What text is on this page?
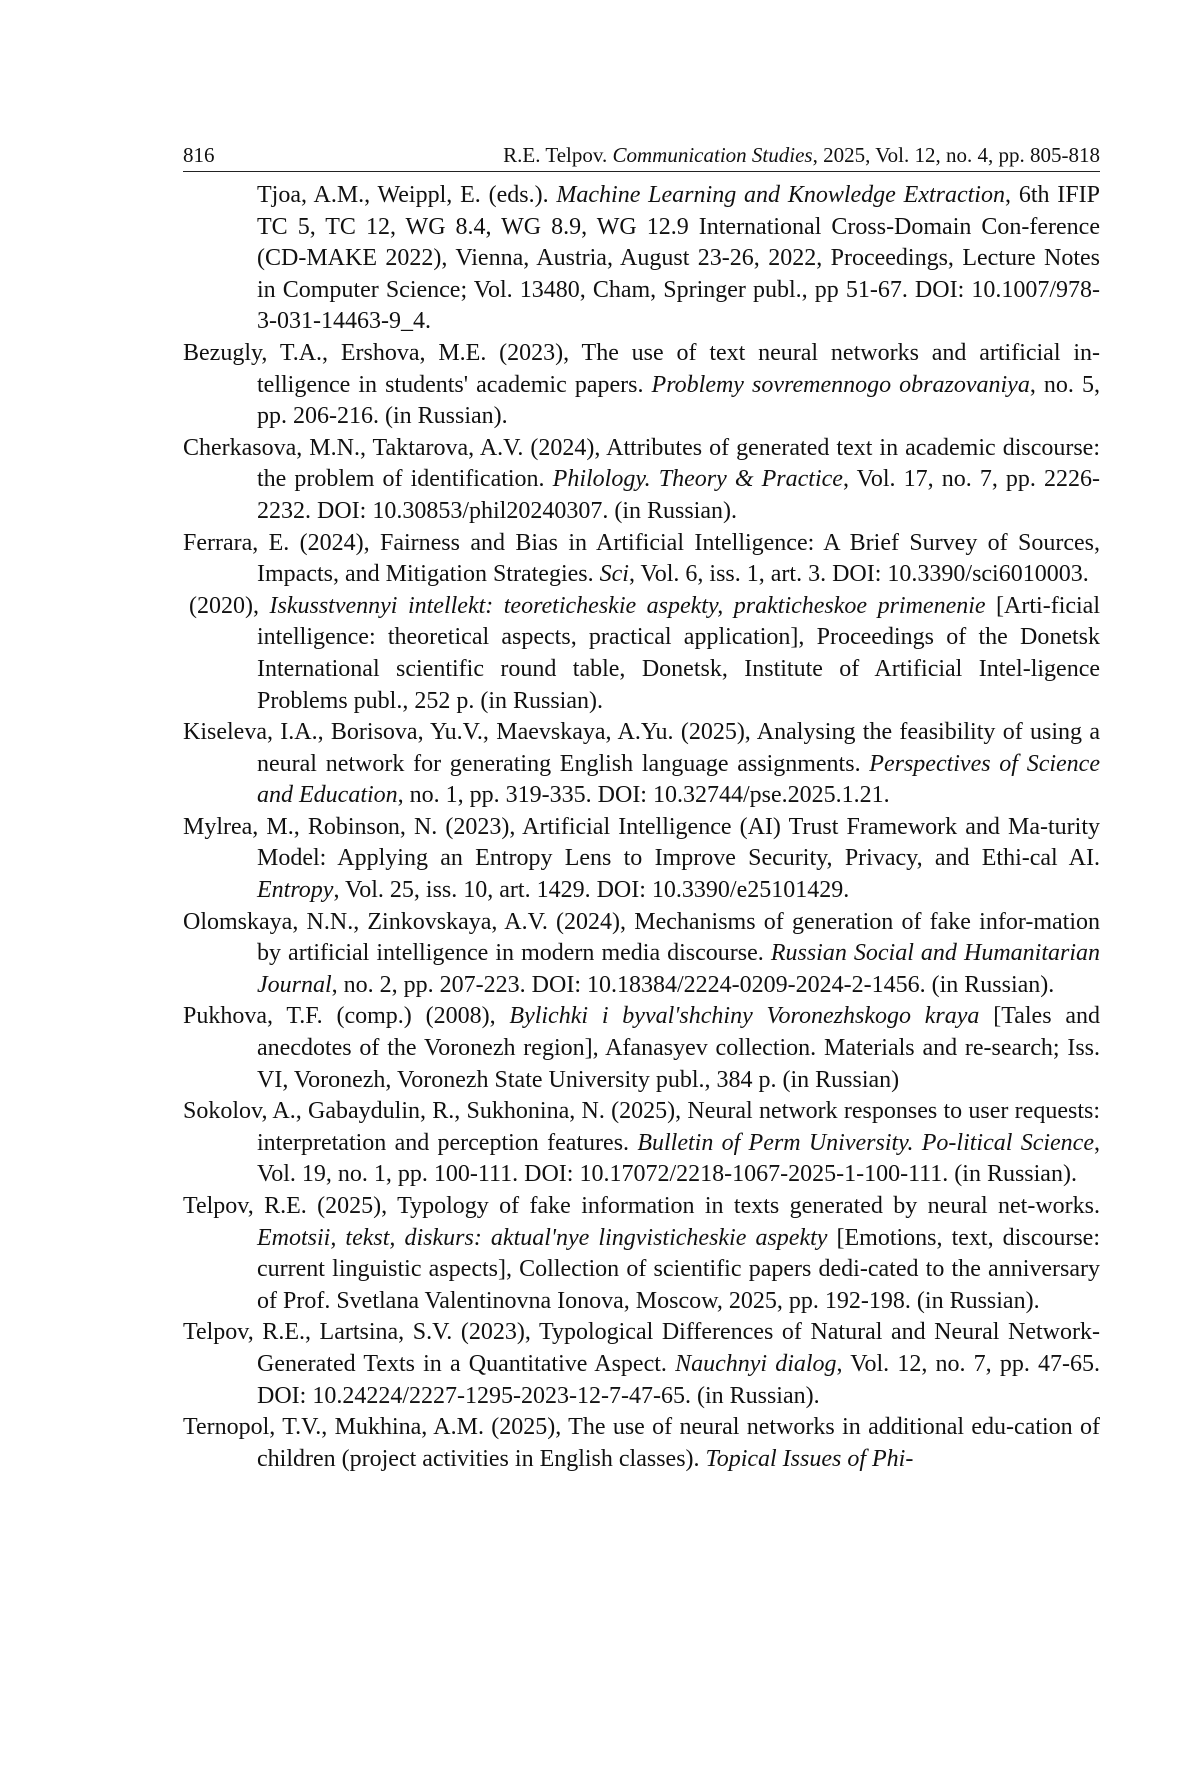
816	R.E. Telpov. Communication Studies, 2025, Vol. 12, no. 4, pp. 805-818

Tjoa, A.M., Weippl, E. (eds.). Machine Learning and Knowledge Extraction, 6th IFIP TC 5, TC 12, WG 8.4, WG 8.9, WG 12.9 International Cross-Domain Con-ference (CD-MAKE 2022), Vienna, Austria, August 23-26, 2022, Proceedings, Lecture Notes in Computer Science; Vol. 13480, Cham, Springer publ., pp 51-67. DOI: 10.1007/978-3-031-14463-9_4.

Bezugly, T.A., Ershova, M.E. (2023), The use of text neural networks and artificial in-telligence in students' academic papers. Problemy sovremennogo obrazovaniya, no. 5, pp. 206-216. (in Russian).

Cherkasova, M.N., Taktarova, A.V. (2024), Attributes of generated text in academic discourse: the problem of identification. Philology. Theory & Practice, Vol. 17, no. 7, pp. 2226-2232. DOI: 10.30853/phil20240307. (in Russian).

Ferrara, E. (2024), Fairness and Bias in Artificial Intelligence: A Brief Survey of Sources, Impacts, and Mitigation Strategies. Sci, Vol. 6, iss. 1, art. 3. DOI: 10.3390/sci6010003.

(2020), Iskusstvennyi intellekt: teoreticheskie aspekty, prakticheskoe primenenie [Arti-ficial intelligence: theoretical aspects, practical application], Proceedings of the Donetsk International scientific round table, Donetsk, Institute of Artificial Intel-ligence Problems publ., 252 p. (in Russian).

Kiseleva, I.A., Borisova, Yu.V., Maevskaya, A.Yu. (2025), Analysing the feasibility of using a neural network for generating English language assignments. Perspectives of Science and Education, no. 1, pp. 319-335. DOI: 10.32744/pse.2025.1.21.

Mylrea, M., Robinson, N. (2023), Artificial Intelligence (AI) Trust Framework and Ma-turity Model: Applying an Entropy Lens to Improve Security, Privacy, and Ethi-cal AI. Entropy, Vol. 25, iss. 10, art. 1429. DOI: 10.3390/e25101429.

Olomskaya, N.N., Zinkovskaya, A.V. (2024), Mechanisms of generation of fake infor-mation by artificial intelligence in modern media discourse. Russian Social and Humanitarian Journal, no. 2, pp. 207-223. DOI: 10.18384/2224-0209-2024-2-1456. (in Russian).

Pukhova, T.F. (comp.) (2008), Bylichki i byval'shchiny Voronezhskogo kraya [Tales and anecdotes of the Voronezh region], Afanasyev collection. Materials and re-search; Iss. VI, Voronezh, Voronezh State University publ., 384 p. (in Russian)

Sokolov, A., Gabaydulin, R., Sukhonina, N. (2025), Neural network responses to user requests: interpretation and perception features. Bulletin of Perm University. Po-litical Science, Vol. 19, no. 1, pp. 100-111. DOI: 10.17072/2218-1067-2025-1-100-111. (in Russian).

Telpov, R.E. (2025), Typology of fake information in texts generated by neural net-works. Emotsii, tekst, diskurs: aktual'nye lingvisticheskie aspekty [Emotions, text, discourse: current linguistic aspects], Collection of scientific papers dedi-cated to the anniversary of Prof. Svetlana Valentinovna Ionova, Moscow, 2025, pp. 192-198. (in Russian).

Telpov, R.E., Lartsina, S.V. (2023), Typological Differences of Natural and Neural Network-Generated Texts in a Quantitative Aspect. Nauchnyi dialog, Vol. 12, no. 7, pp. 47-65. DOI: 10.24224/2227-1295-2023-12-7-47-65. (in Russian).

Ternopol, T.V., Mukhina, A.M. (2025), The use of neural networks in additional edu-cation of children (project activities in English classes). Topical Issues of Phi-
